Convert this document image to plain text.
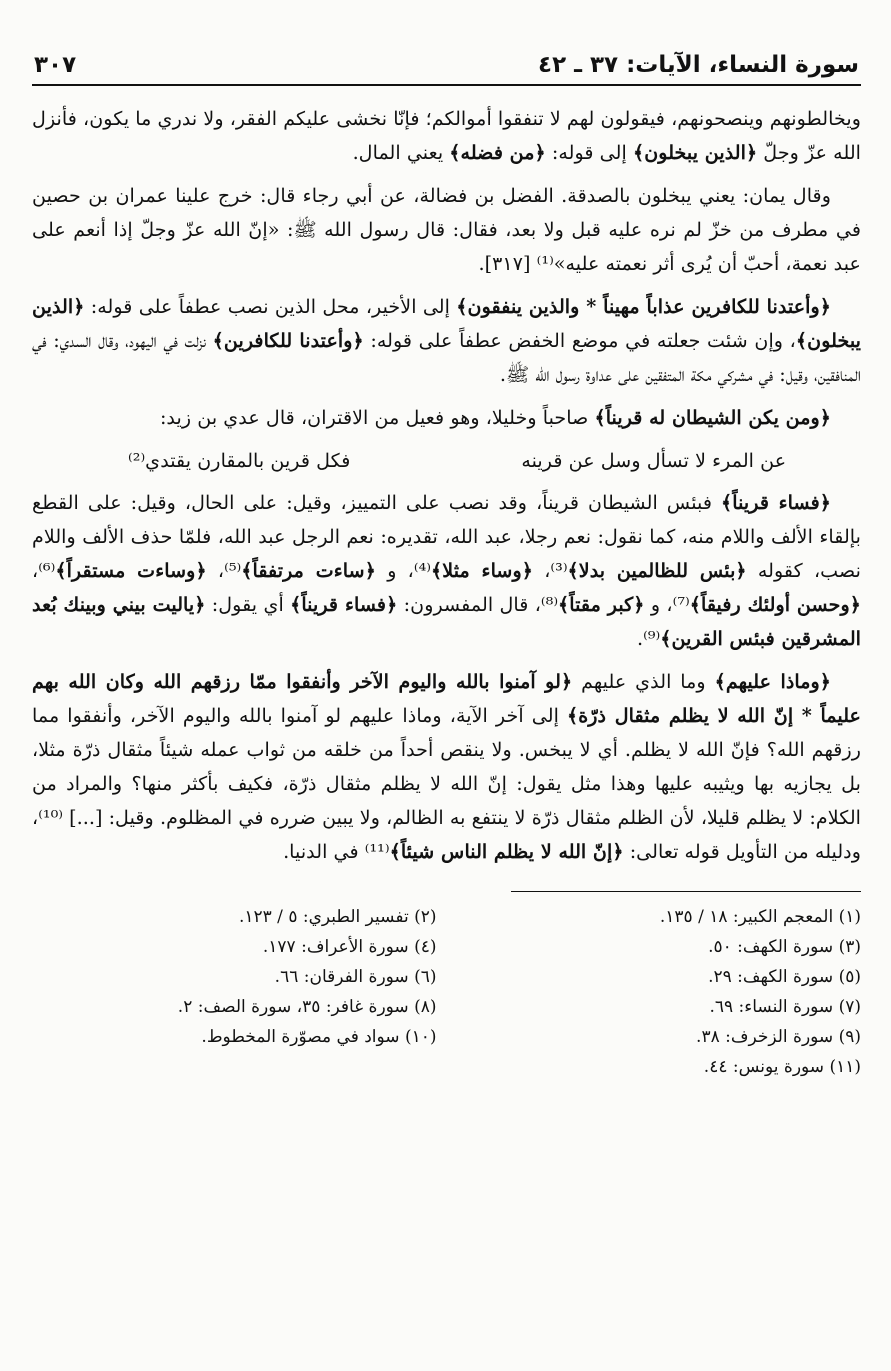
سورة النساء، الآيات: ٣٧ ـ ٤٢
٣٠٧

ويخالطونهم وينصحونهم، فيقولون لهم لا تنفقوا أموالكم؛ فإنّا نخشى عليكم الفقر، ولا ندري ما يكون، فأنزل الله عزّ وجلّ ﴿الذين يبخلون﴾ إلى قوله: ﴿من فضله﴾ يعني المال.

وقال يمان: يعني يبخلون بالصدقة. الفضل بن فضالة، عن أبي رجاء قال: خرج علينا عمران بن حصين في مطرف من خزّ لم نره عليه قبل ولا بعد، فقال: قال رسول الله ﷺ: «إنّ الله عزّ وجلّ إذا أنعم على عبد نعمة، أحبّ أن يُرى أثر نعمته عليه»⁽¹⁾ [٣١٧].

﴿وأعتدنا للكافرين عذاباً مهيناً * والذين ينفقون﴾ إلى الأخير، محل الذين نصب عطفاً على قوله: ﴿الذين يبخلون﴾، وإن شئت جعلته في موضع الخفض عطفاً على قوله: ﴿وأعتدنا للكافرين﴾ نزلت في اليهود، وقال السدي: في المنافقين، وقيل: في مشركي مكة المتفقين على عداوة رسول الله ﷺ.

﴿ومن يكن الشيطان له قريناً﴾ صاحباً وخليلا، وهو فعيل من الاقتران، قال عدي بن زيد:

عن المرء لا تسأل وسل عن قرينه
فكل قرين بالمقارن يقتدي⁽²⁾

﴿فساء قريناً﴾ فبئس الشيطان قريناً، وقد نصب على التمييز، وقيل: على الحال، وقيل: على القطع بإلقاء الألف واللام منه، كما نقول: نعم رجلا، عبد الله، تقديره: نعم الرجل عبد الله، فلمّا حذف الألف واللام نصب، كقوله ﴿بئس للظالمين بدلا﴾⁽³⁾، ﴿وساء مثلا﴾⁽⁴⁾، و ﴿ساءت مرتفقاً﴾⁽⁵⁾، ﴿وساءت مستقراً﴾⁽⁶⁾، ﴿وحسن أولئك رفيقاً﴾⁽⁷⁾، و ﴿كبر مقتاً﴾⁽⁸⁾، قال المفسرون: ﴿فساء قريناً﴾ أي يقول: ﴿ياليت بيني وبينك بُعد المشرقين فبئس القرين﴾⁽⁹⁾.

﴿وماذا عليهم﴾ وما الذي عليهم ﴿لو آمنوا بالله واليوم الآخر وأنفقوا ممّا رزقهم الله وكان الله بهم عليماً * إنّ الله لا يظلم مثقال ذرّة﴾ إلى آخر الآية، وماذا عليهم لو آمنوا بالله واليوم الآخر، وأنفقوا مما رزقهم الله؟ فإنّ الله لا يظلم. أي لا يبخس. ولا ينقص أحداً من خلقه من ثواب عمله شيئاً مثقال ذرّة مثلا، بل يجازيه بها ويثيبه عليها وهذا مثل يقول: إنّ الله لا يظلم مثقال ذرّة، فكيف بأكثر منها؟ والمراد من الكلام: لا يظلم قليلا، لأن الظلم مثقال ذرّة لا ينتفع به الظالم، ولا يبين ضرره في المظلوم. وقيل: [...] ⁽¹⁰⁾، ودليله من التأويل قوله تعالى: ﴿إنّ الله لا يظلم الناس شيئاً﴾⁽¹¹⁾ في الدنيا.

(١) المعجم الكبير: ١٨ / ١٣٥.
(٢) تفسير الطبري: ٥ / ١٢٣.
(٣) سورة الكهف: ٥٠.
(٤) سورة الأعراف: ١٧٧.
(٥) سورة الكهف: ٢٩.
(٦) سورة الفرقان: ٦٦.
(٧) سورة النساء: ٦٩.
(٨) سورة غافر: ٣٥، سورة الصف: ٢.
(٩) سورة الزخرف: ٣٨.
(١٠) سواد في مصوّرة المخطوط.
(١١) سورة يونس: ٤٤.
